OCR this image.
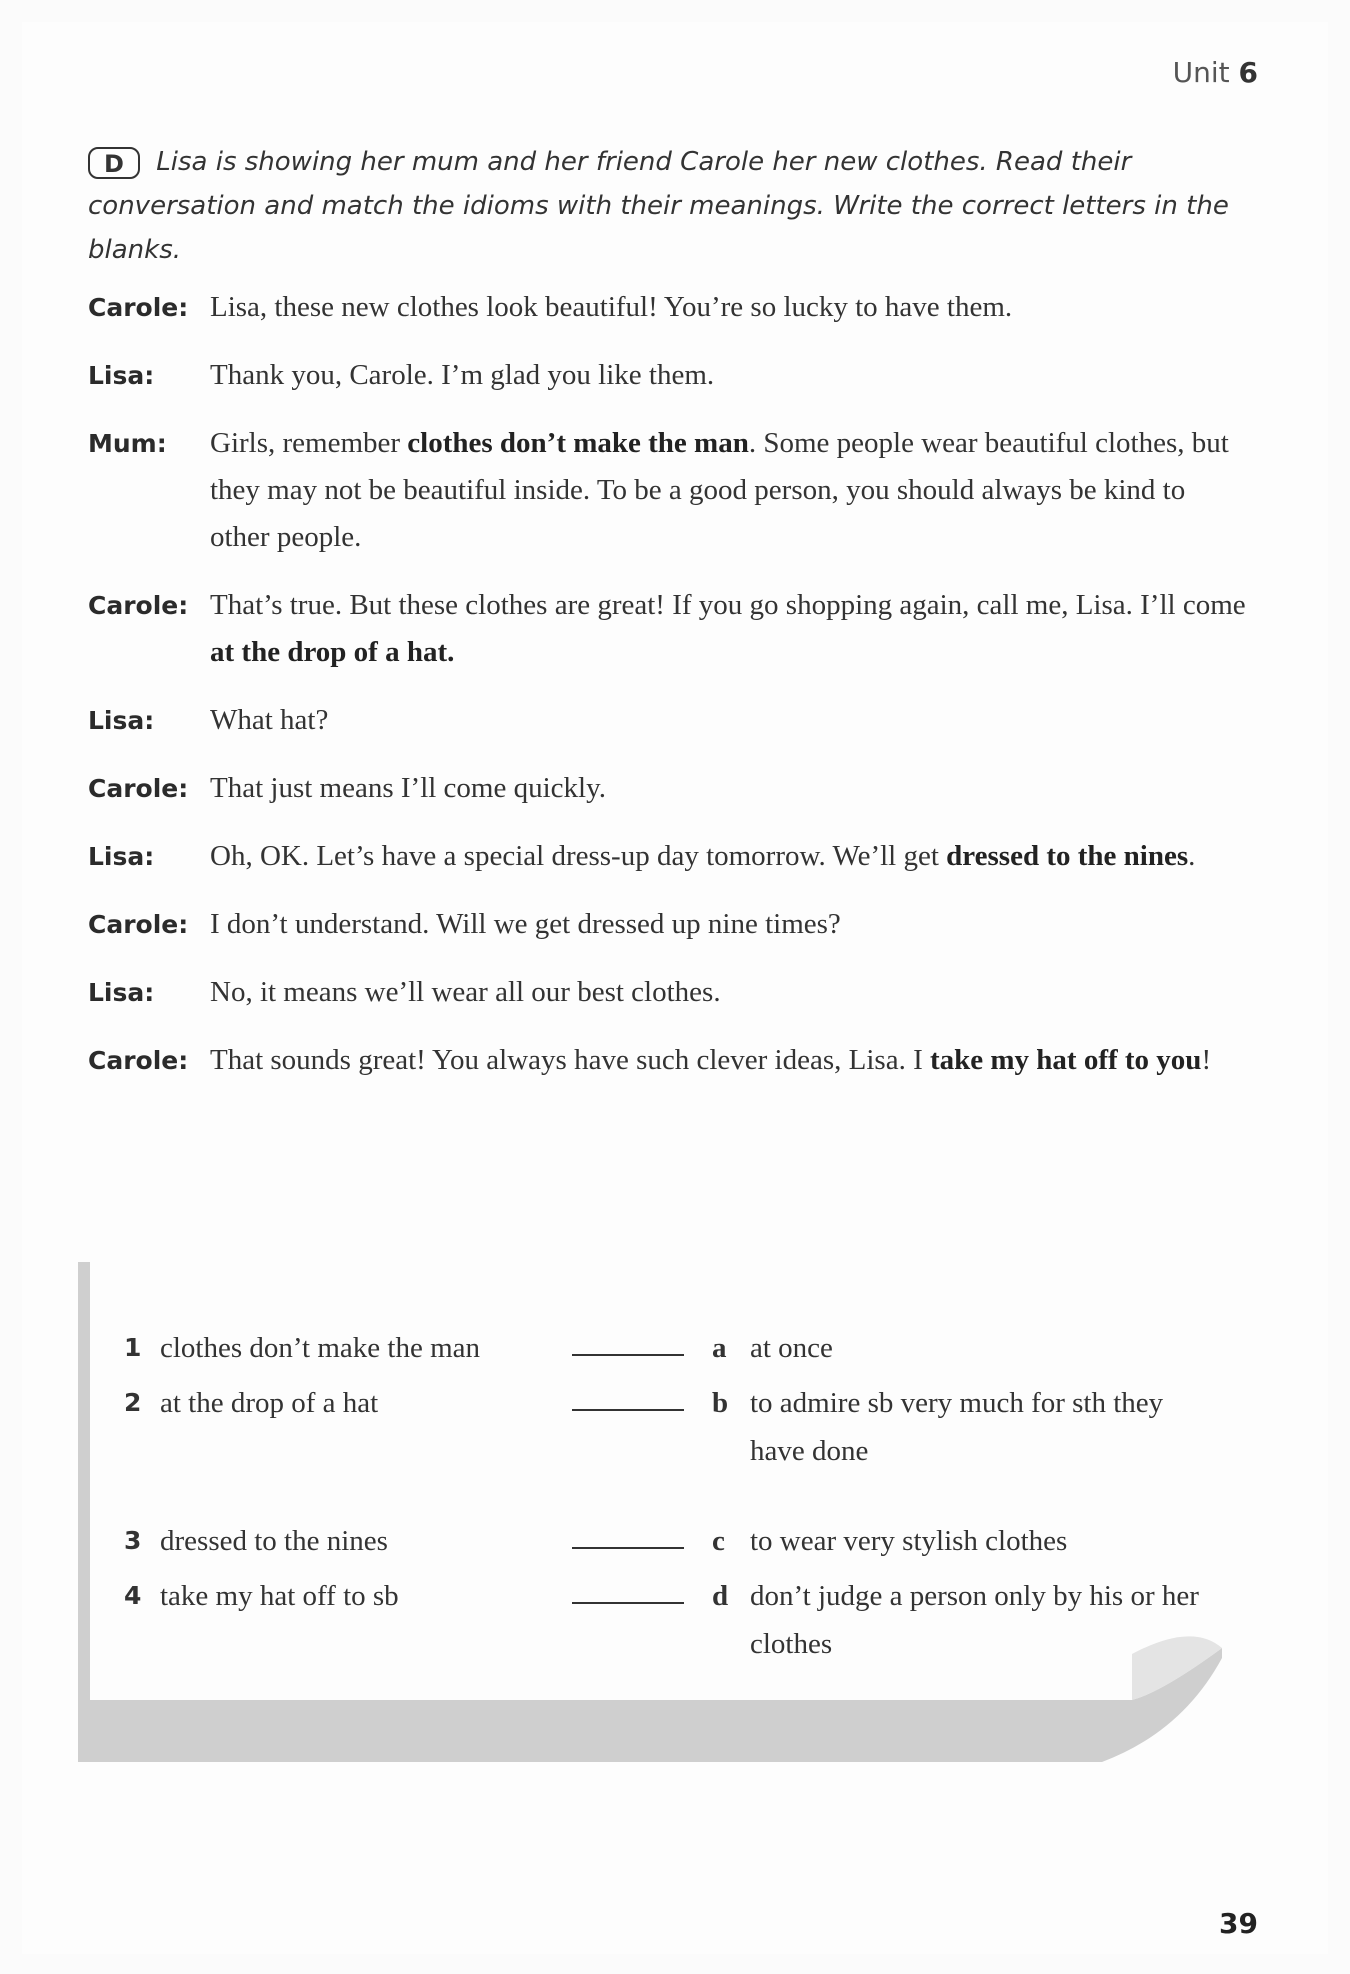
Unit 6
D Lisa is showing her mum and her friend Carole her new clothes. Read their conversation and match the idioms with their meanings. Write the correct letters in the blanks.
Carole: Lisa, these new clothes look beautiful! You’re so lucky to have them.
Lisa:	Thank you, Carole. I’m glad you like them.
Mum:	Girls, remember clothes don’t make the man. Some people wear beautiful clothes, but they may not be beautiful inside. To be a good person, you should always be kind to other people.
Carole: That’s true. But these clothes are great! If you go shopping again, call me, Lisa. I’ll come at the drop of a hat.
Lisa:	What hat?
Carole: That just means I’ll come quickly.
Lisa:	Oh, OK. Let’s have a special dress-up day tomorrow. We’ll get dressed to the nines.
Carole: I don’t understand. Will we get dressed up nine times?
Lisa:	No, it means we’ll wear all our best clothes.
Carole: That sounds great! You always have such clever ideas, Lisa. I take my hat off to you!
1 clothes don’t make the man	a at once
2 at the drop of a hat	b to admire sb very much for sth they have done
3 dressed to the nines	c to wear very stylish clothes
4 take my hat off to sb	d don’t judge a person only by his or her clothes
39
